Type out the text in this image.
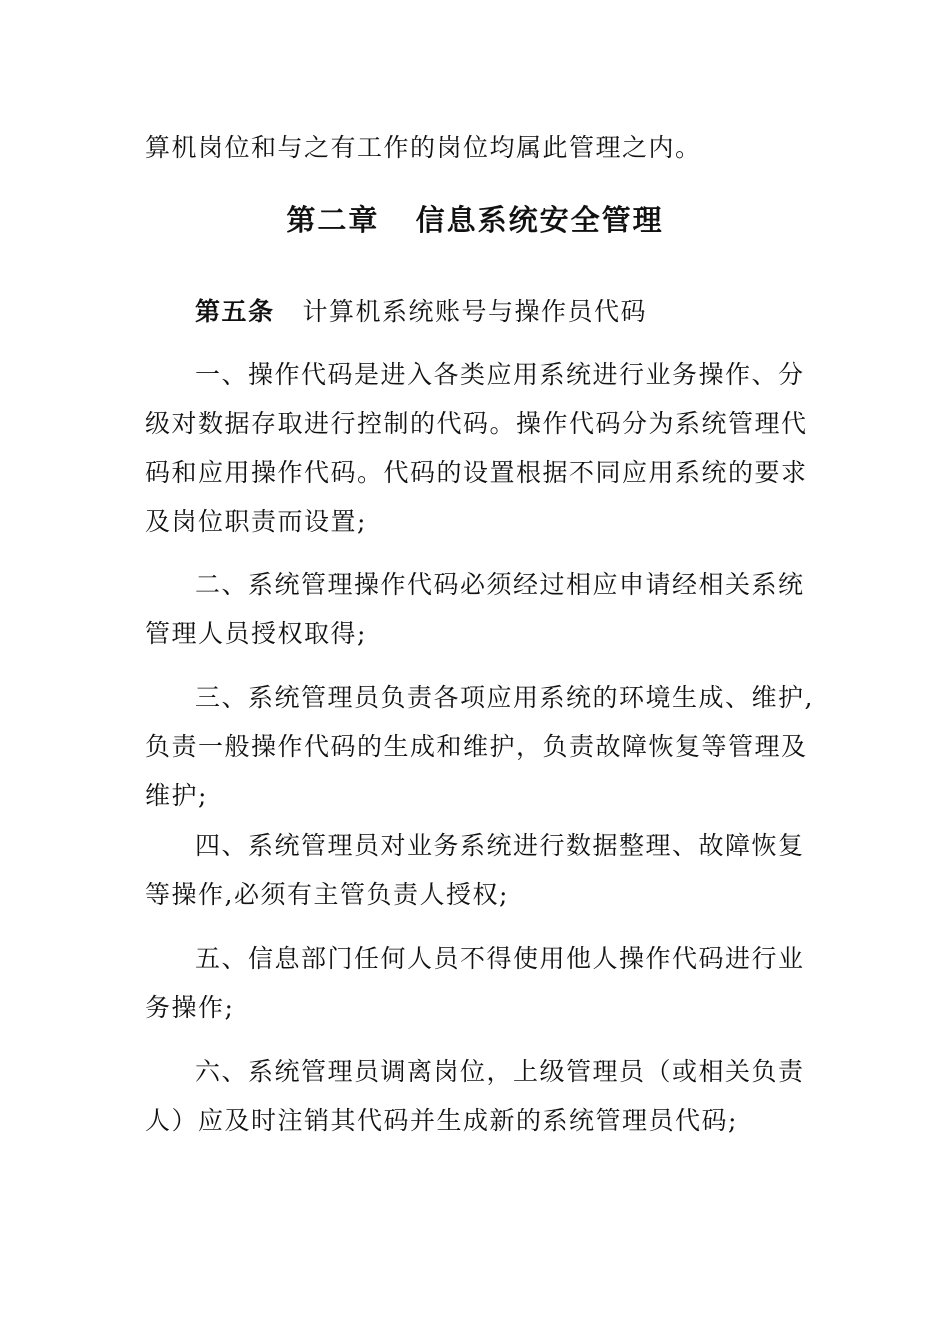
算机岗位和与之有工作的岗位均属此管理之内。
第二章   信息系统安全管理
第五条 计算机系统账号与操作员代码
一、操作代码是进入各类应用系统进行业务操作、分
级对数据存取进行控制的代码。操作代码分为系统管理代
码和应用操作代码。代码的设置根据不同应用系统的要求
及岗位职责而设置;
二、系统管理操作代码必须经过相应申请经相关系统
管理人员授权取得;
三、系统管理员负责各项应用系统的环境生成、维护,
负责一般操作代码的生成和维护，负责故障恢复等管理及
维护;
四、系统管理员对业务系统进行数据整理、故障恢复
等操作,必须有主管负责人授权;
五、信息部门任何人员不得使用他人操作代码进行业
务操作;
六、系统管理员调离岗位，上级管理员（或相关负责
人）应及时注销其代码并生成新的系统管理员代码;
